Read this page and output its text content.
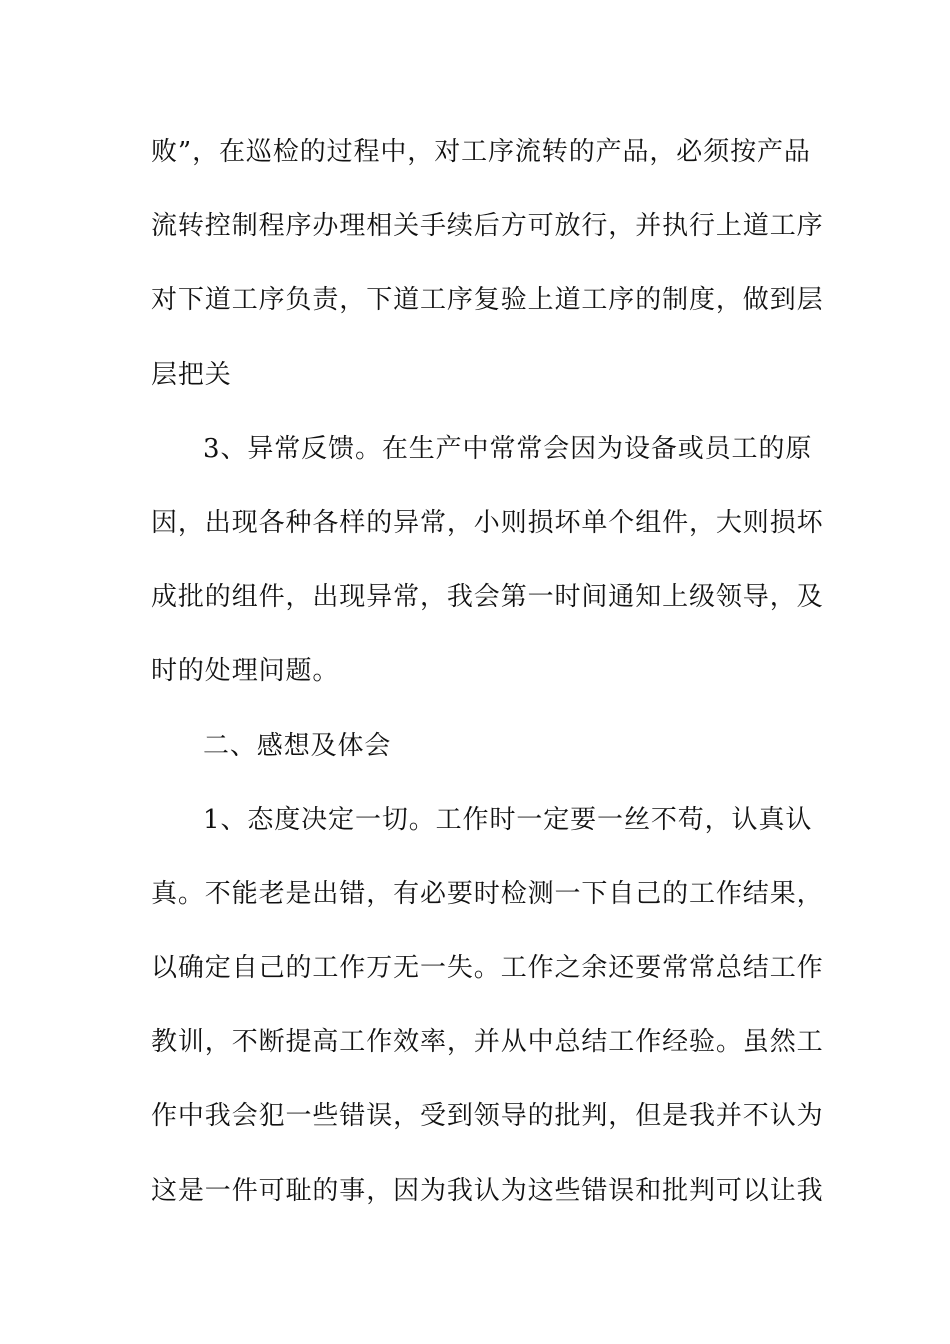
败”，在巡检的过程中，对工序流转的产品，必须按产品
流转控制程序办理相关手续后方可放行，并执行上道工序
对下道工序负责，下道工序复验上道工序的制度，做到层
层把关
3、异常反馈。在生产中常常会因为设备或员工的原
因，出现各种各样的异常，小则损坏单个组件，大则损坏
成批的组件，出现异常，我会第一时间通知上级领导，及
时的处理问题。
二、感想及体会
1、态度决定一切。工作时一定要一丝不苟，认真认
真。不能老是出错，有必要时检测一下自己的工作结果，
以确定自己的工作万无一失。工作之余还要常常总结工作
教训，不断提高工作效率，并从中总结工作经验。虽然工
作中我会犯一些错误，受到领导的批判，但是我并不认为
这是一件可耻的事，因为我认为这些错误和批判可以让我
